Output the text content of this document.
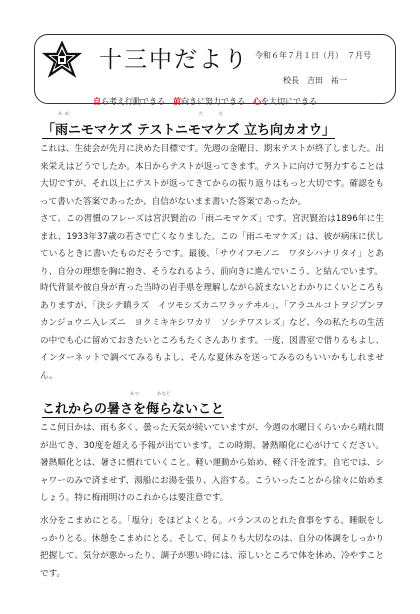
十三中だより 令和６年７月１日（月）　７月号
校長　吉田　祐一
自ら考え行動できる　前向きに努力できる　心を大切にできる
あめ　　　　　　　　　　　　　　　　　　　た　　む
「雨ニモマケズ テストニモマケズ 立ち向カオウ」

これは、生徒会が先月に決めた目標です。先週の金曜日、期末テストが終了しました。出来栄えはどうでしたか。本日からテストが返ってきます。テストに向けて努力することは大切ですが、それ以上にテストが返ってきてからの振り返りはもっと大切です。確認をもって書いた答案であったか、自信がないまま書いた答案であったか。

さて、この習慣のフレーズは宮沢賢治の「雨ニモマケズ」です。宮沢賢治は1896年に生まれ、1933年37歳の若さで亡くなりました。この「雨ニモマケズ」は、彼が病床に伏しているときに書いたものだそうです。最後、「サウイフモノニ　ワタシハナリタイ」とあり、自分の理想を胸に抱き、そうなれるよう、前向きに進んでいこう、と結んでいます。

時代背景や彼自身が育った当時の岩手県を理解しながら読まないとわかりにくいところもありますが、「決シテ瞋ラズ　イツモシズカニワラッテヰル」、「アラユルコトヲジブンヲカンジョウニ入レズニ　ヨクミキキシワカリ　ソシテワスレズ」など、今の私たちの生活の中でも心に留めておきたいところもたくさんあります。一度、図書室で借りるもよし、インターネットで調べてみるもよし、そんな夏休みを送ってみるのもいいかもしれません。

あつ　　　　あなど
これからの暑さを侮らないこと

ここ何日かは、雨も多く、曇った天気が続いていますが、今週の水曜日くらいから晴れ間が出てき、30度を超える予報が出ています。この時期、暑熱順化に心がけてください。暑熱順化とは、暑さに慣れていくこと。軽い運動から始め、軽く汗を流す。自宅では、シャワーのみで済ませず、湯船にお湯を張り、入浴する。こういったことから徐々に始めましょう。特に梅雨明けのこれからは要注意です。

水分をこまめにとる。「塩分」をほどよくとる。バランスのとれた食事をする。睡眠をしっかりとる。休憩をこまめにとる。そして、何よりも大切なのは、自分の体調をしっかり把握して、気分が悪かったり、調子が悪い時には、涼しいところで体を休め、冷やすことです。
